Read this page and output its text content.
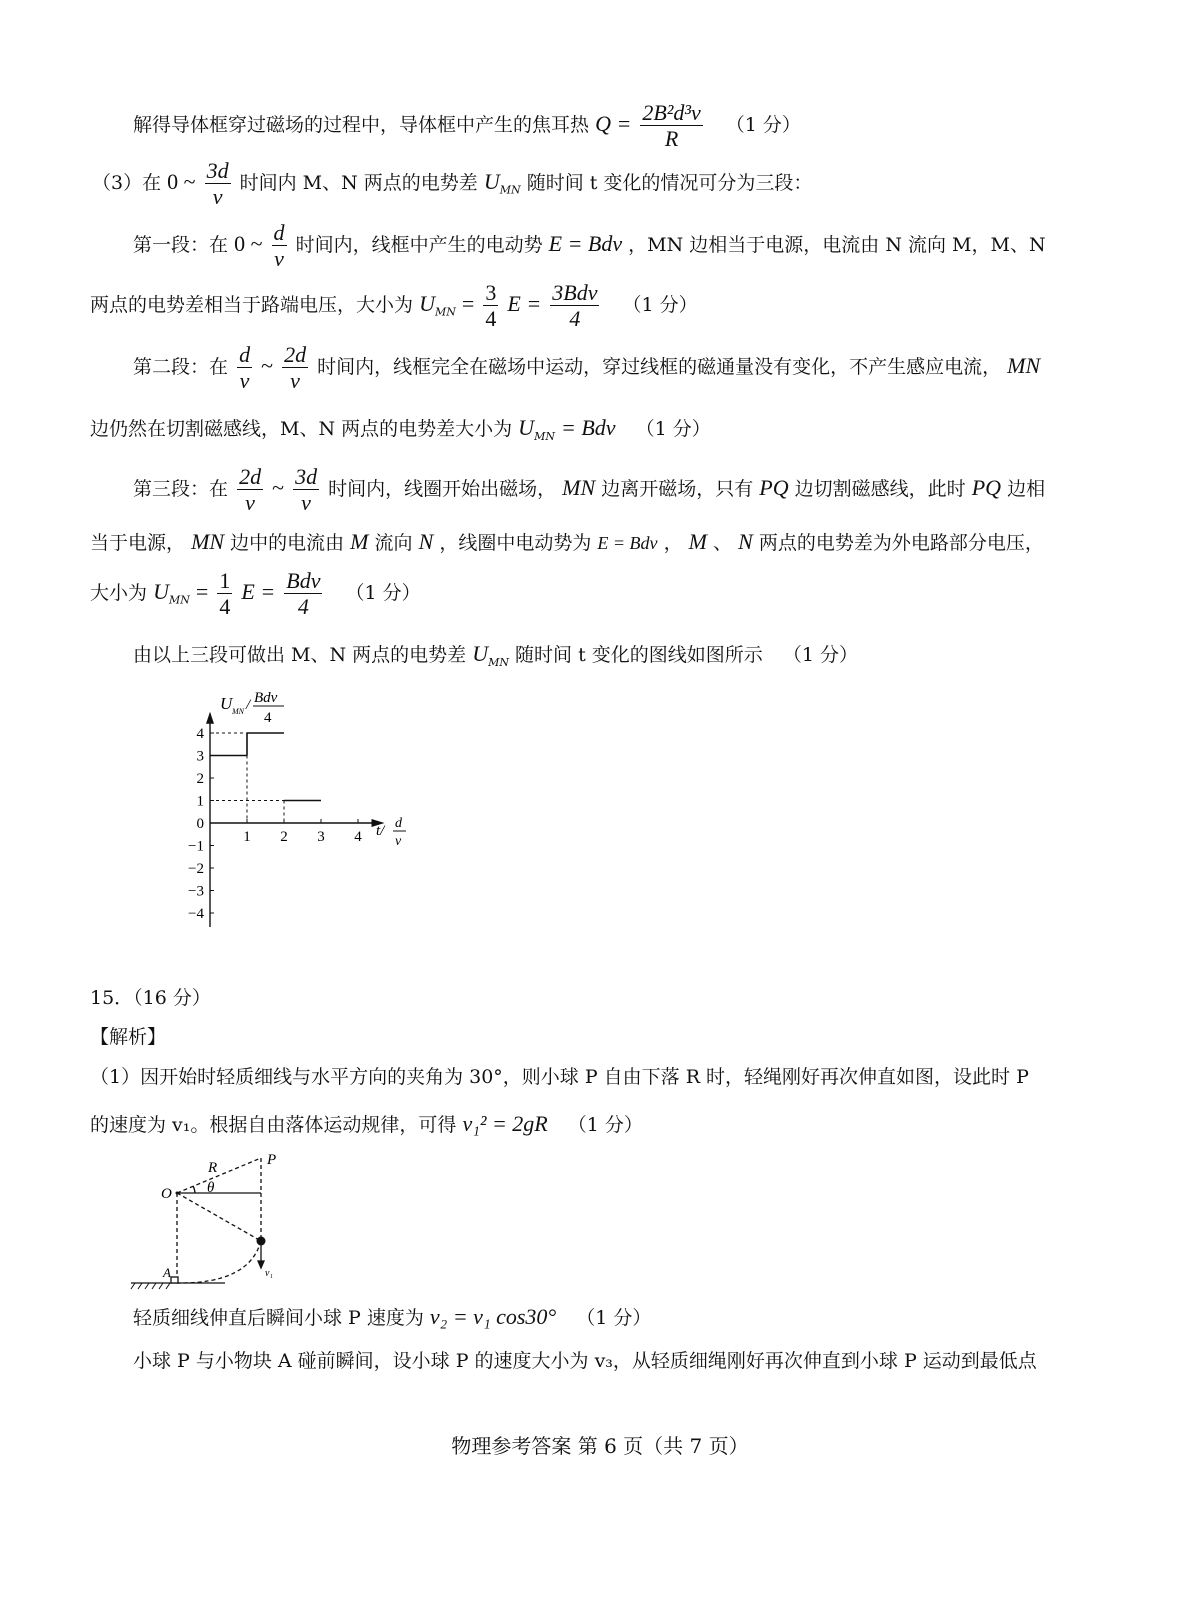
解得导体框穿过磁场的过程中，导体框中产生的焦耳热 $Q = \frac{\text{2B²d³v}}{R} (1$ 分）
（3）在 0 ~ $\frac{3d}{v}$ 时间内 M、N 两点的电势差 $U_{MN}$ 随时间 t 变化的情况可分为三段：
第一段：在 0 ~ $\frac{d}{v}$ 时间内，线框中产生的电动势 E = Bdv ，MN 边相当于电源，电流由 N 流向 M，M、N
两点的电势差相当于路端电压，大小为 $U_{MN} = \frac{3}{4}$ $E = \frac{\text{3Bdv}}{4} (1$ 分）
第二段：在 $\frac{d}{v}$ ~ $\frac{2d}{v}$ 时间内，线框完全在磁场中运动，穿过线框的磁通量没有变化，不产生感应电流， MN
边仍然在切割磁感线，M、N 两点的电势差大小为 $U_{MN}$ = Bdv （1 分）
第三段：在 $\frac{2d}{v}$ ~ $\frac{3d}{v}$ 时间内，线圈开始出磁场， MN 边离开磁场，只有 PQ 边切割磁感线，此时 PQ 边相
当于电源， MN 边中的电流由 M 流向 N ，线圈中电动势为 E = Bdv ， M 、 N 两点的电势差为外电路部分电压，
大小为 $U_{MN} = \frac{1}{4}$ $E = \frac{\text{Bdv}}{4} (1$ 分）
由以上三段可做出 M、N 两点的电势差 $U_{MN}$ 随时间 t 变化的图线如图所示 （1 分）
4
3
2
1
0
−1
−2
−3
−4
1 2 3 4
U MN / Bdv
4
t/ d
v
15．（16 分）
【解析】
（1）因开始时轻质细线与水平方向的夹角为 30°，则小球 P 自由下落 R 时，轻绳刚好再次伸直如图，设此时 P
的速度为 v₁。根据自由落体运动规律，可得 v₁² = 2gR （1 分）
R	P
O θ
A	v₁
轻质细线伸直后瞬间小球 P 速度为 v₂ = v₁ cos30° （1 分）
小球 P 与小物块 A 碰前瞬间，设小球 P 的速度大小为 v₃，从轻质细绳刚好再次伸直到小球 P 运动到最低点
物理参考答案 第 6 页（共 7 页）
